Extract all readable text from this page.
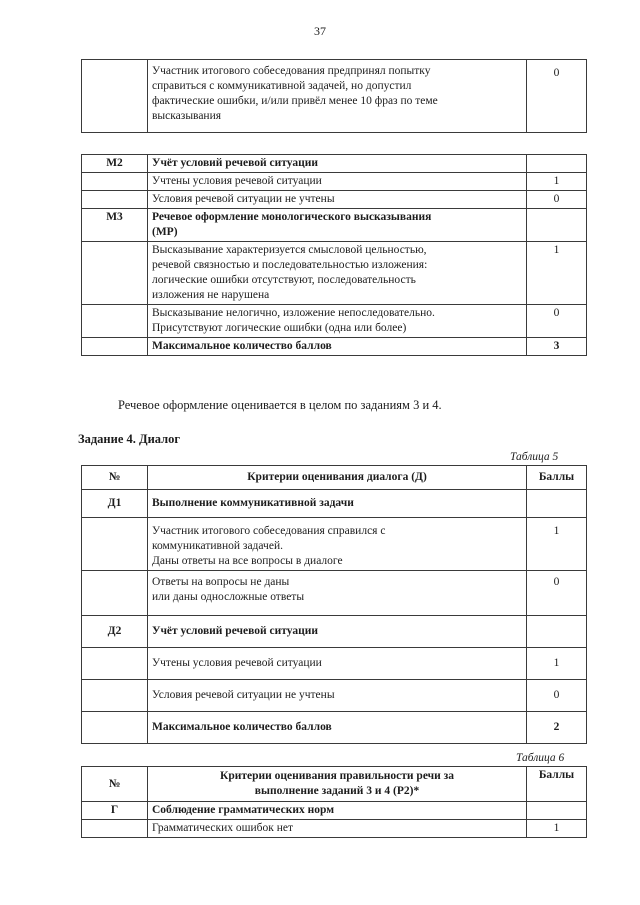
37

Участник итогового собеседования предпринял попытку
справиться с коммуникативной задачей, но допустил
фактические ошибки, и/или привёл менее 10 фраз по теме
высказывания
	0
М2	Учёт условий речевой ситуации	
	Учтены условия речевой ситуации	1
	Условия речевой ситуации не учтены	0
М3	Речевое оформление монологического высказывания
(МР)	

	Высказывание характеризуется смысловой цельностью,
речевой связностью и последовательностью изложения:
логические ошибки отсутствуют, последовательность
изложения не нарушена	1

	Высказывание нелогично, изложение непоследовательно.
Присутствуют логические ошибки (одна или более)	0
	Максимальное количество баллов	3
Речевое оформление оценивается в целом по заданиям 3 и 4.
Задание 4. Диалог
Таблица 5
№	Критерии оценивания диалога (Д)	Баллы
Д1	Выполнение коммуникативной задачи	

	Участник итогового собеседования справился с
коммуникативной задачей.
Даны ответы на все вопросы в диалоге	1

	Ответы на вопросы не даны
или даны односложные ответы	0
Д2	Учёт условий речевой ситуации	
	Учтены условия речевой ситуации	1
	Условия речевой ситуации не учтены	0
	Максимальное количество баллов	2
Таблица 6
№	Критерии оценивания правильности речи за выполнение заданий 3 и 4 (Р2)*	Баллы
Г	Соблюдение грамматических норм	
	Грамматических ошибок нет	1
